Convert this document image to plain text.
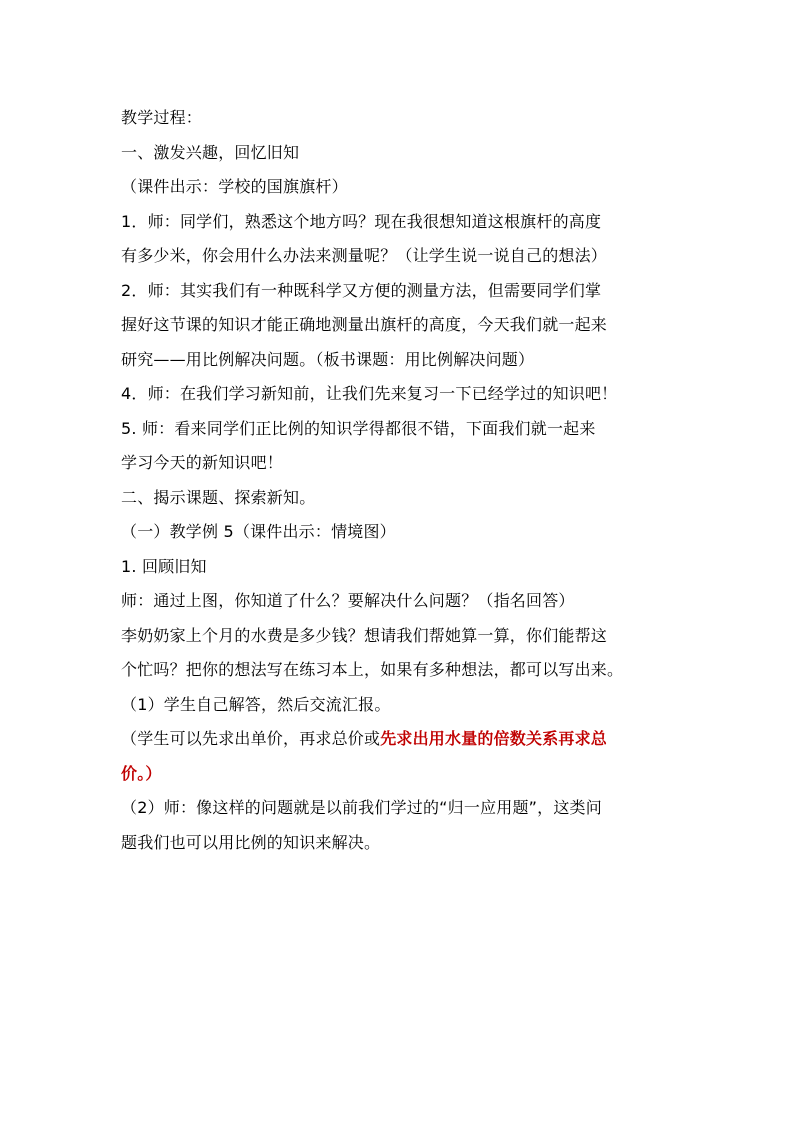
教学过程：
一、激发兴趣，回忆旧知
（课件出示：学校的国旗旗杆）
1．师：同学们，熟悉这个地方吗？现在我很想知道这根旗杆的高度
有多少米，你会用什么办法来测量呢？（让学生说一说自己的想法）
2．师：其实我们有一种既科学又方便的测量方法，但需要同学们掌
握好这节课的知识才能正确地测量出旗杆的高度，今天我们就一起来
研究——用比例解决问题。（板书课题：用比例解决问题）
4．师：在我们学习新知前，让我们先来复习一下已经学过的知识吧！
5. 师：看来同学们正比例的知识学得都很不错，下面我们就一起来
学习今天的新知识吧！
二、揭示课题、探索新知。
（一）教学例 5（课件出示：情境图）
1. 回顾旧知
师：通过上图，你知道了什么？要解决什么问题？（指名回答）
李奶奶家上个月的水费是多少钱？想请我们帮她算一算，你们能帮这
个忙吗？把你的想法写在练习本上，如果有多种想法，都可以写出来。
（1）学生自己解答，然后交流汇报。
（学生可以先求出单价，再求总价或先求出用水量的倍数关系再求总
价。）
（2）师：像这样的问题就是以前我们学过的“归一应用题”，这类问
题我们也可以用比例的知识来解决。
